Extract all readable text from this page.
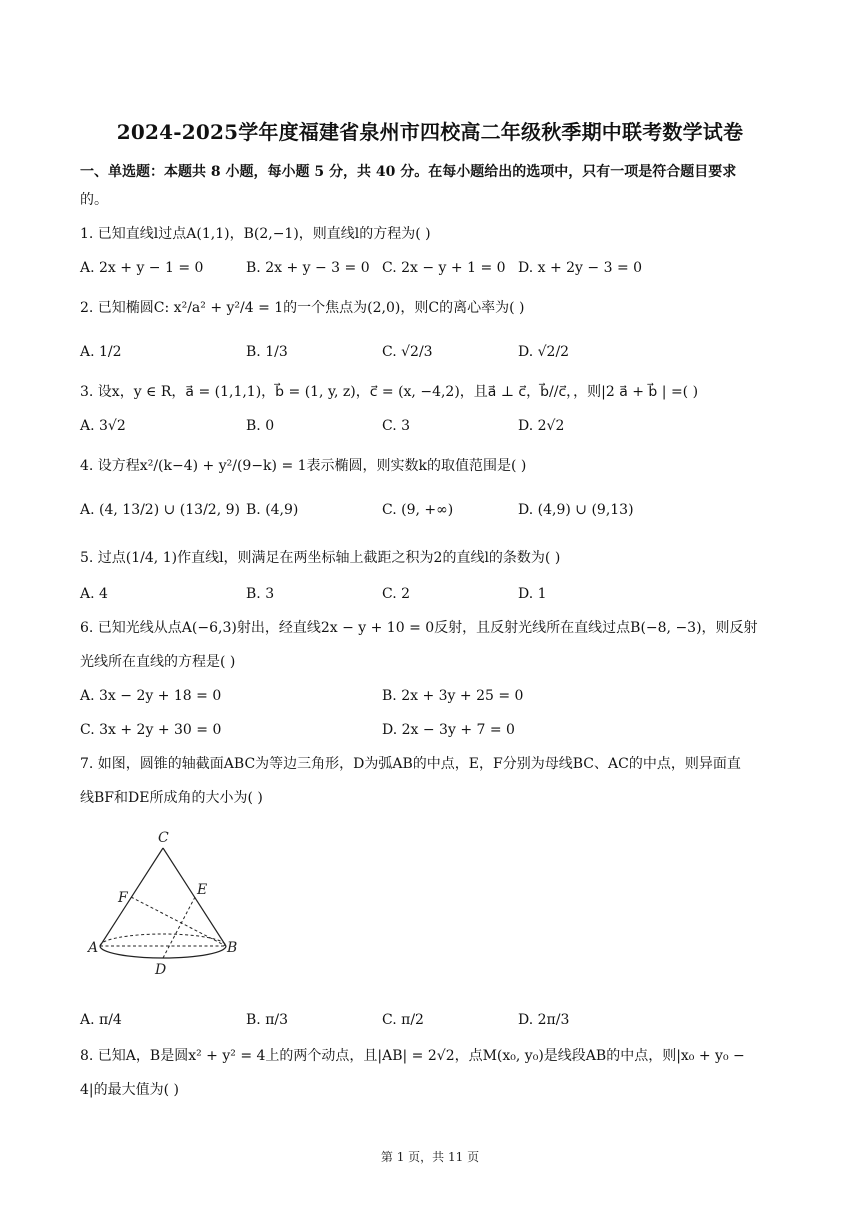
2024-2025学年度福建省泉州市四校高二年级秋季期中联考数学试卷
一、单选题：本题共 8 小题，每小题 5 分，共 40 分。在每小题给出的选项中，只有一项是符合题目要求
的。
1. 已知直线l过点A(1,1)，B(2,−1)，则直线l的方程为( )
A. 2x + y − 1 = 0	B. 2x + y − 3 = 0 C. 2x − y + 1 = 0 D. x + 2y − 3 = 0
2. 已知椭圆C: x²/a² + y²/4 = 1的一个焦点为(2,0)，则C的离心率为( )
A. 1/2	B. 1/3	C. √2/3	D. √2/2
3. 设x，y ∈ R，a⃗ = (1,1,1)，b⃗ = (1, y, z)，c⃗ = (x, −4,2)，且a⃗ ⊥ c⃗，b⃗//c⃗，，则|2 a⃗ + b⃗ | =( )
A. 3√2	B. 0	C. 3	D. 2√2
4. 设方程x²/(k−4) + y²/(9−k) = 1表示椭圆，则实数k的取值范围是( )
A. (4, 13/2) ∪ (13/2, 9) B. (4,9)	C. (9, +∞)	D. (4,9) ∪ (9,13)
5. 过点(1/4, 1)作直线l，则满足在两坐标轴上截距之积为2的直线l的条数为( )
A. 4	B. 3	C. 2	D. 1
6. 已知光线从点A(−6,3)射出，经直线2x − y + 10 = 0反射，且反射光线所在直线过点B(−8, −3)，则反射
光线所在直线的方程是( )
A. 3x − 2y + 18 = 0	B. 2x + 3y + 25 = 0
C. 3x + 2y + 30 = 0	D. 2x − 3y + 7 = 0
7. 如图，圆锥的轴截面ABC为等边三角形，D为弧AB的中点，E，F分别为母线BC、AC的中点，则异面直
线BF和DE所成角的大小为( )
C
E
F
A	B
D
A. π/4	B. π/3	C. π/2	D. 2π/3
8. 已知A，B是圆x² + y² = 4上的两个动点，且|AB| = 2√2，点M(x₀, y₀)是线段AB的中点，则|x₀ + y₀ −
4|的最大值为( )
第 1 页，共 11 页
